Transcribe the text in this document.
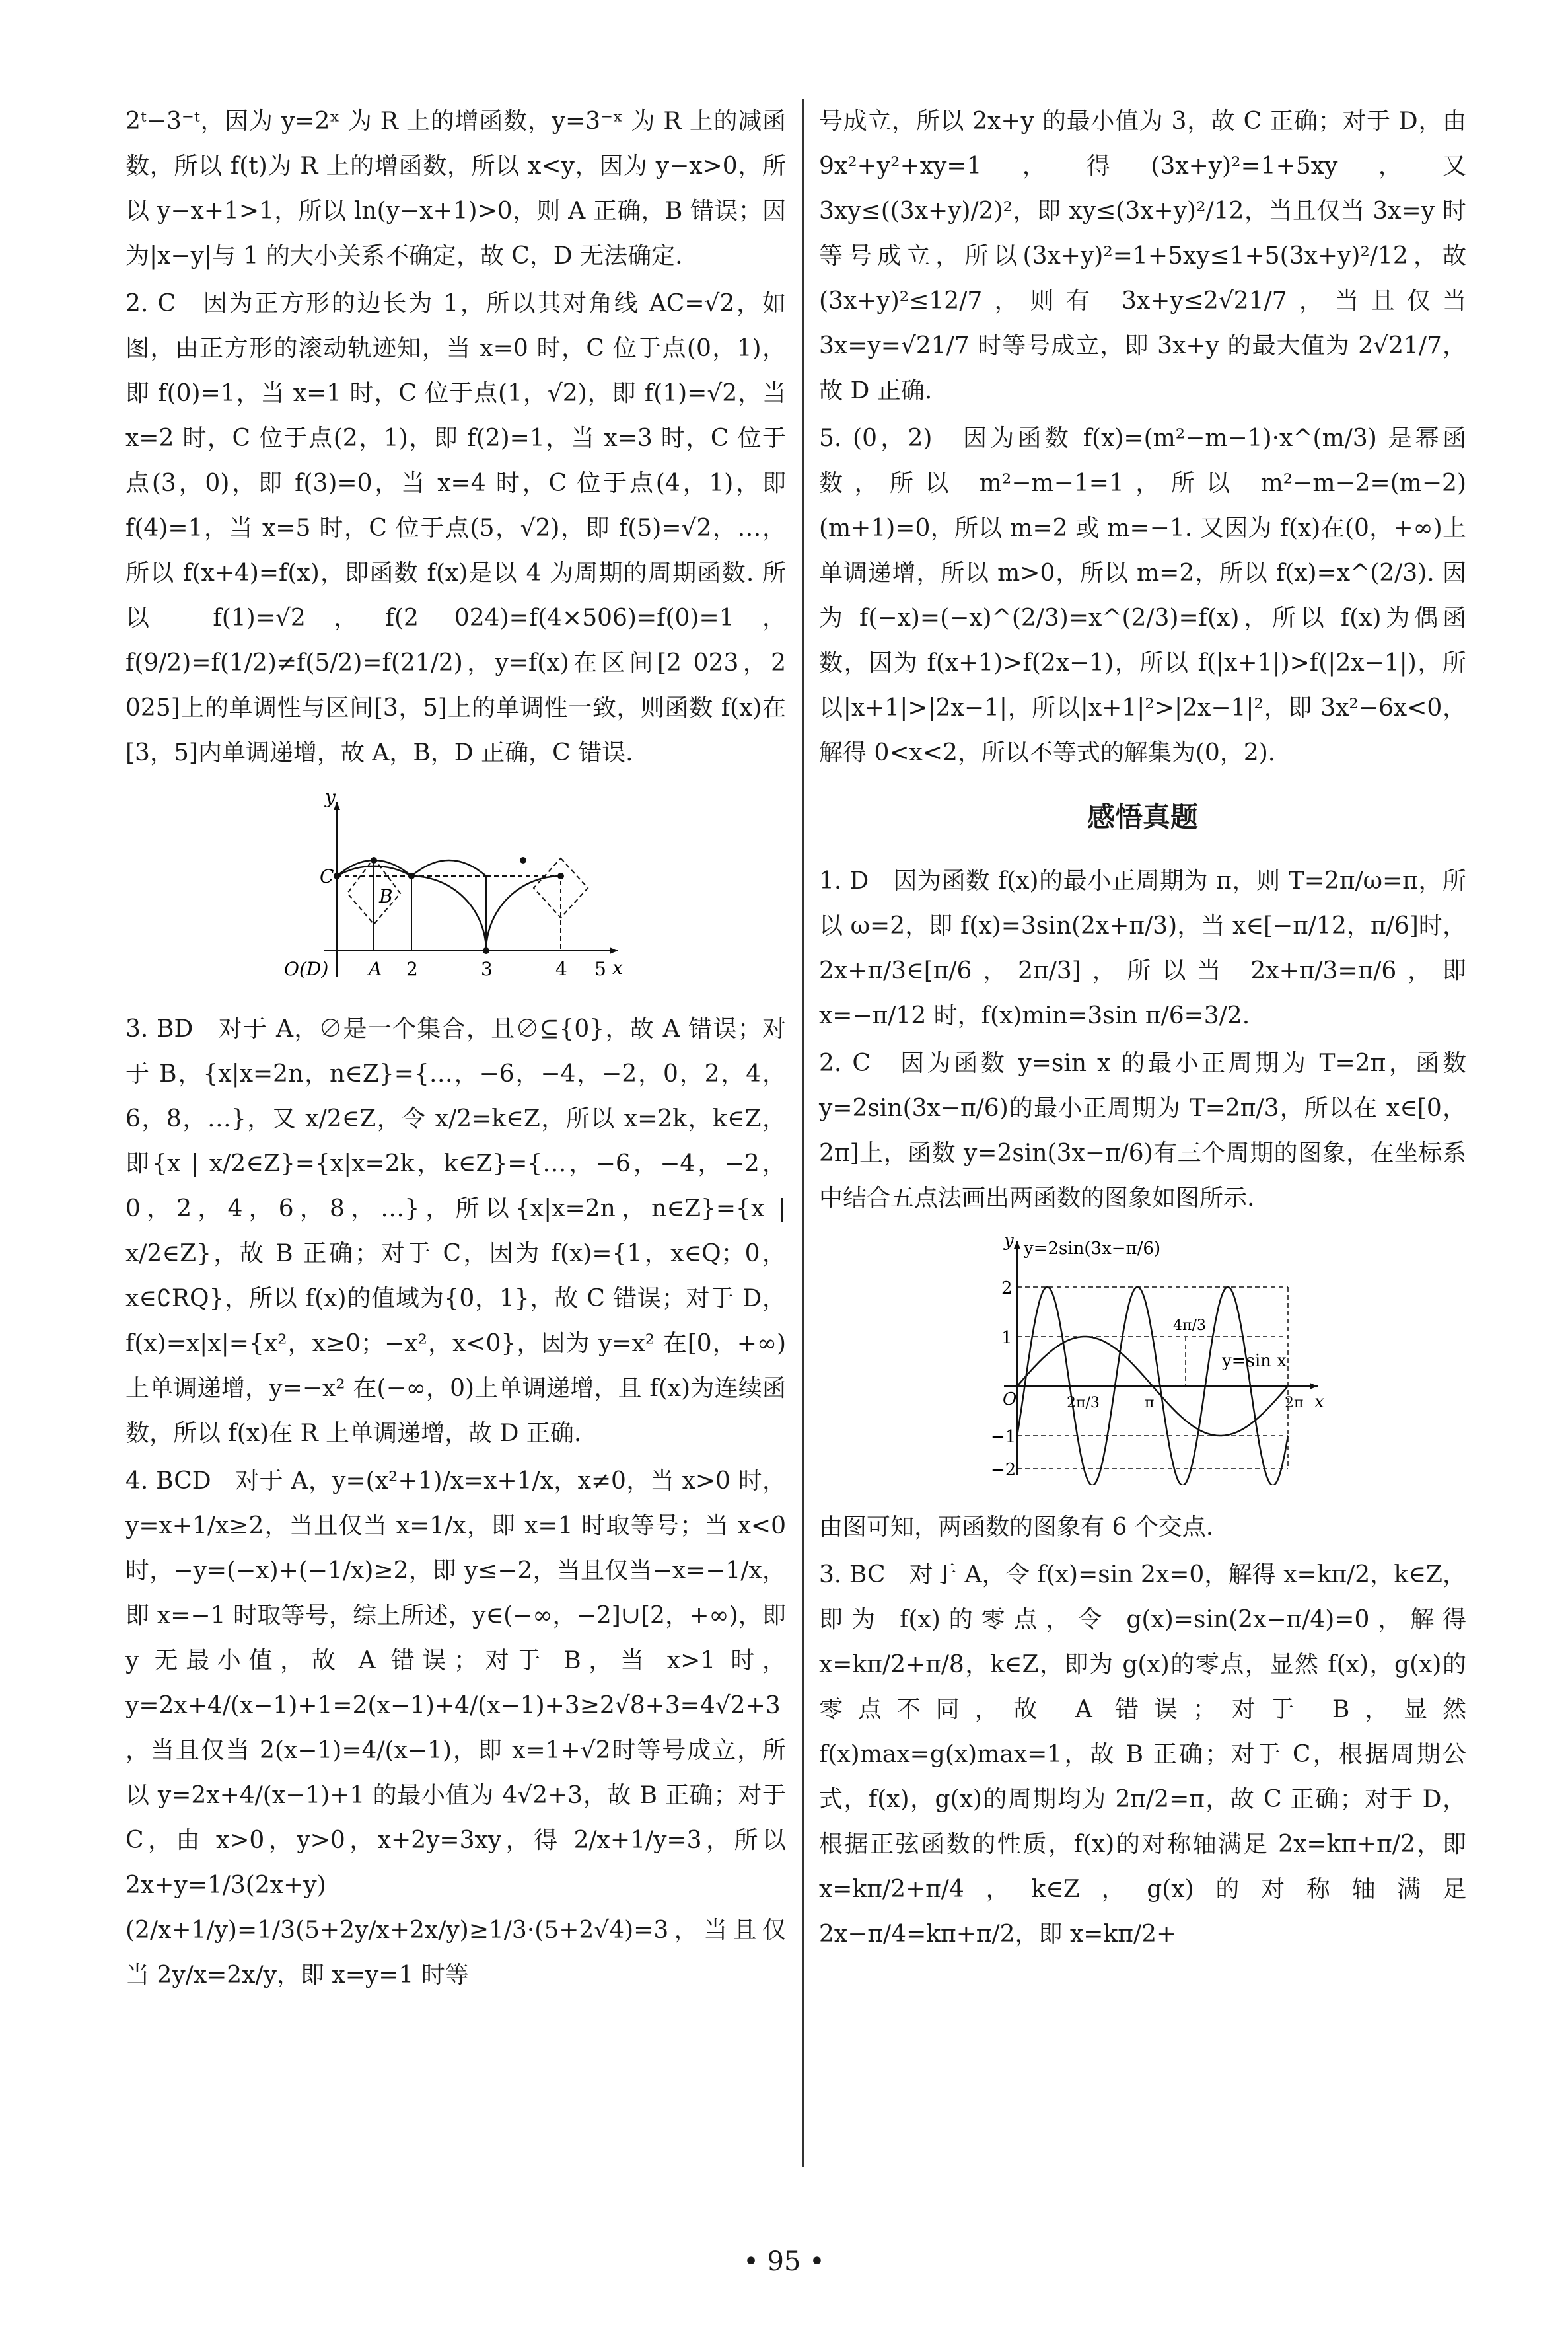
2ᵗ−3⁻ᵗ，因为 y=2ˣ 为 R 上的增函数，y=3⁻ˣ 为 R 上的减函数，所以 f(t)为 R 上的增函数，所以 x<y，因为 y−x>0，所以 y−x+1>1，所以 ln(y−x+1)>0，则 A 正确，B 错误；因为|x−y|与 1 的大小关系不确定，故 C，D 无法确定.

2. C　因为正方形的边长为 1，所以其对角线 AC=√2，如图，由正方形的滚动轨迹知，当 x=0 时，C 位于点(0，1)，即 f(0)=1，当 x=1 时，C 位于点(1，√2)，即 f(1)=√2，当 x=2 时，C 位于点(2，1)，即 f(2)=1，当 x=3 时，C 位于点(3，0)，即 f(3)=0，当 x=4 时，C 位于点(4，1)，即 f(4)=1，当 x=5 时，C 位于点(5，√2)，即 f(5)=√2，…，所以 f(x+4)=f(x)，即函数 f(x)是以 4 为周期的周期函数. 所以 f(1)=√2，f(2 024)=f(4×506)=f(0)=1，f(9/2)=f(1/2)≠f(5/2)=f(21/2)，y=f(x)在区间[2 023，2 025]上的单调性与区间[3，5]上的单调性一致，则函数 f(x)在[3，5]内单调递增，故 A，B，D 正确，C 错误.

y
x
C
B
A
O(D)	2	3	4 5

3. BD　对于 A，∅是一个集合，且∅⊆{0}，故 A 错误；对于 B，{x|x=2n，n∈Z}={…，−6，−4，−2，0，2，4，6，8，…}，又 x/2∈Z，令 x/2=k∈Z，所以 x=2k，k∈Z，即{x | x/2∈Z}={x|x=2k，k∈Z}={…，−6，−4，−2，0，2，4，6，8，…}，所以{x|x=2n，n∈Z}={x | x/2∈Z}，故 B 正确；对于 C，因为 f(x)={1，x∈Q；0，x∈∁RQ}，所以 f(x)的值域为{0，1}，故 C 错误；对于 D，f(x)=x|x|={x²，x≥0；−x²，x<0}，因为 y=x² 在[0，+∞)上单调递增，y=−x² 在(−∞，0)上单调递增，且 f(x)为连续函数，所以 f(x)在 R 上单调递增，故 D 正确.

4. BCD　对于 A，y=(x²+1)/x=x+1/x，x≠0，当 x>0 时，y=x+1/x≥2，当且仅当 x=1/x，即 x=1 时取等号；当 x<0 时，−y=(−x)+(−1/x)≥2，即 y≤−2，当且仅当−x=−1/x，即 x=−1 时取等号，综上所述，y∈(−∞，−2]∪[2，+∞)，即 y 无最小值，故 A 错误；对于 B，当 x>1 时，y=2x+4/(x−1)+1=2(x−1)+4/(x−1)+3≥2√8+3=4√2+3，当且仅当 2(x−1)=4/(x−1)，即 x=1+√2时等号成立，所以 y=2x+4/(x−1)+1 的最小值为 4√2+3，故 B 正确；对于 C，由 x>0，y>0，x+2y=3xy，得 2/x+1/y=3，所以 2x+y=1/3(2x+y)(2/x+1/y)=1/3(5+2y/x+2x/y)≥1/3·(5+2√4)=3，当且仅当 2y/x=2x/y，即 x=y=1 时等

号成立，所以 2x+y 的最小值为 3，故 C 正确；对于 D，由 9x²+y²+xy=1，得(3x+y)²=1+5xy，又 3xy≤((3x+y)/2)²，即 xy≤(3x+y)²/12，当且仅当 3x=y 时等号成立，所以(3x+y)²=1+5xy≤1+5(3x+y)²/12，故(3x+y)²≤12/7，则有 3x+y≤2√21/7，当且仅当 3x=y=√21/7 时等号成立，即 3x+y 的最大值为 2√21/7，故 D 正确.

5. (0，2)　因为函数 f(x)=(m²−m−1)·x^(m/3) 是幂函数，所以 m²−m−1=1，所以 m²−m−2=(m−2)(m+1)=0，所以 m=2 或 m=−1. 又因为 f(x)在(0，+∞)上单调递增，所以 m>0，所以 m=2，所以 f(x)=x^(2/3). 因为 f(−x)=(−x)^(2/3)=x^(2/3)=f(x)，所以 f(x)为偶函数，因为 f(x+1)>f(2x−1)，所以 f(|x+1|)>f(|2x−1|)，所以|x+1|>|2x−1|，所以|x+1|²>|2x−1|²，即 3x²−6x<0，解得 0<x<2，所以不等式的解集为(0，2).

感悟真题

1. D　因为函数 f(x)的最小正周期为 π，则 T=2π/ω=π，所以 ω=2，即 f(x)=3sin(2x+π/3)，当 x∈[−π/12，π/6]时，2x+π/3∈[π/6，2π/3]，所以当 2x+π/3=π/6，即 x=−π/12 时，f(x)min=3sin π/6=3/2.

2. C　因为函数 y=sin x 的最小正周期为 T=2π，函数 y=2sin(3x−π/6)的最小正周期为 T=2π/3，所以在 x∈[0，2π]上，函数 y=2sin(3x−π/6)有三个周期的图象，在坐标系中结合五点法画出两函数的图象如图所示.

y=2sin(3x−π/6)
y=sin x
y
x
O
2
1
−1
−2
2π/3	π
4π/3
2π

由图可知，两函数的图象有 6 个交点.

3. BC　对于 A，令 f(x)=sin 2x=0，解得 x=kπ/2，k∈Z，即为 f(x)的零点，令 g(x)=sin(2x−π/4)=0，解得 x=kπ/2+π/8，k∈Z，即为 g(x)的零点，显然 f(x)，g(x)的零点不同，故 A 错误；对于 B，显然 f(x)max=g(x)max=1，故 B 正确；对于 C，根据周期公式，f(x)，g(x)的周期均为 2π/2=π，故 C 正确；对于 D，根据正弦函数的性质，f(x)的对称轴满足 2x=kπ+π/2，即 x=kπ/2+π/4，k∈Z，g(x)的对称轴满足 2x−π/4=kπ+π/2，即 x=kπ/2+

• 95 •
